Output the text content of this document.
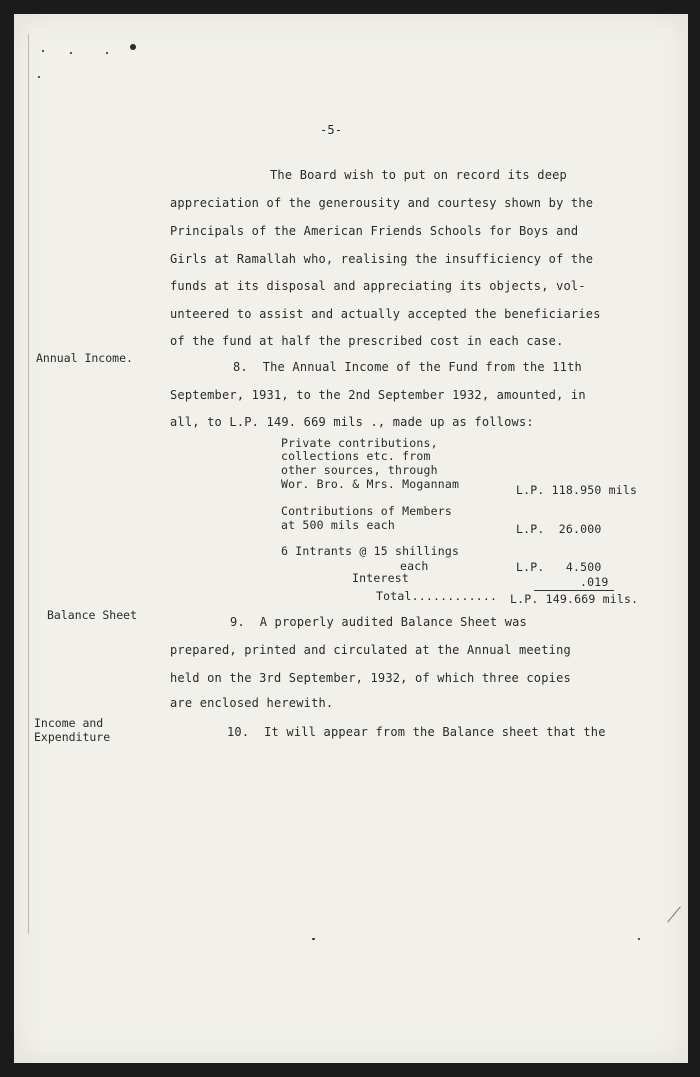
-5-
The Board wish to put on record its deep
appreciation of the generousity and courtesy shown by the
Principals of the American Friends Schools for Boys and
Girls at Ramallah who, realising the insufficiency of the
funds at its disposal and appreciating its objects, vol-
unteered to assist and actually accepted the beneficiaries
of the fund at half the prescribed cost in each case.
Annual Income.
8.  The Annual Income of the Fund from the 11th
September, 1931, to the 2nd September 1932, amounted, in
all, to L.P. 149. 669 mils ., made up as follows:
Private contributions,
collections etc. from
other sources, through
Wor. Bro. & Mrs. Mogannam	L.P. 118.950 mils
Contributions of Members
at 500 mils each	L.P.  26.000
6 Intrants @ 15 shillings
each	L.P.   4.500
Interest	.019
Total............ L.P. 149.669 mils.
Balance Sheet	9.  A properly audited Balance Sheet was
prepared, printed and circulated at the Annual meeting
held on the 3rd September, 1932, of which three copies
are enclosed herewith.
Income and
Expenditure	10.  It will appear from the Balance sheet that the
